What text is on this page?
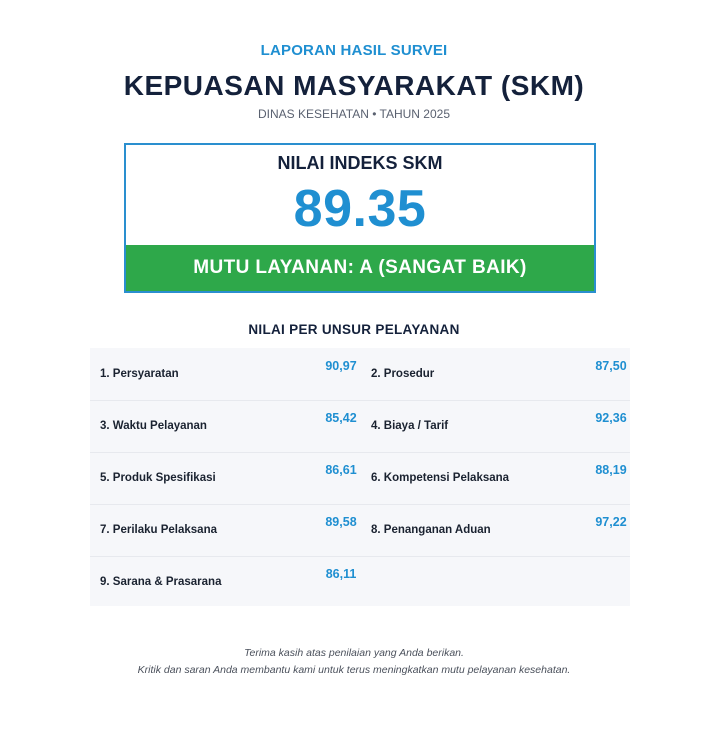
LAPORAN HASIL SURVEI
KEPUASAN MASYARAKAT (SKM)
DINAS KESEHATAN • TAHUN 2025
NILAI INDEKS SKM
89.35
MUTU LAYANAN: A (SANGAT BAIK)
NILAI PER UNSUR PELAYANAN
1. Persyaratan
90,97
2. Prosedur
87,50
3. Waktu Pelayanan
85,42
4. Biaya / Tarif
92,36
5. Produk Spesifikasi
86,61
6. Kompetensi Pelaksana
88,19
7. Perilaku Pelaksana
89,58
8. Penanganan Aduan
97,22
9. Sarana & Prasarana
86,11
Terima kasih atas penilaian yang Anda berikan.
Kritik dan saran Anda membantu kami untuk terus meningkatkan mutu pelayanan kesehatan.
